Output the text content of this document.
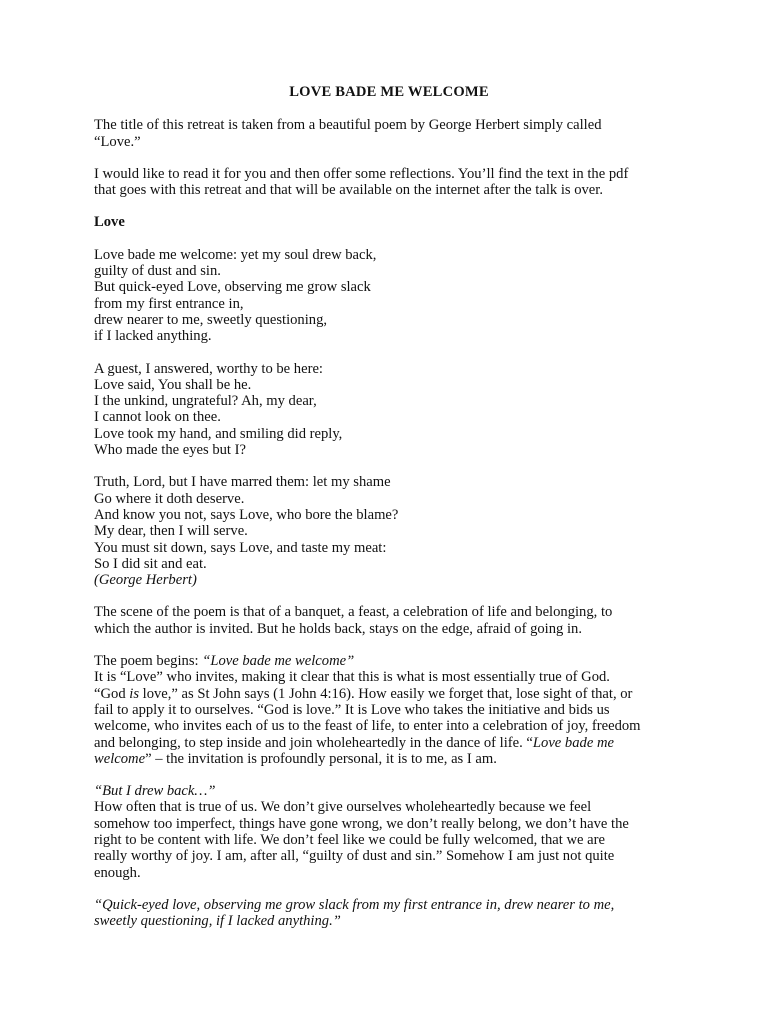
LOVE BADE ME WELCOME

The title of this retreat is taken from a beautiful poem by George Herbert simply called
“Love.”

I would like to read it for you and then offer some reflections. You’ll find the text in the pdf
that goes with this retreat and that will be available on the internet after the talk is over.

Love
Love bade me welcome: yet my soul drew back,
guilty of dust and sin.
But quick-eyed Love, observing me grow slack
from my first entrance in,
drew nearer to me, sweetly questioning,
if I lacked anything.
A guest, I answered, worthy to be here:
Love said, You shall be he.
I the unkind, ungrateful? Ah, my dear,
I cannot look on thee.
Love took my hand, and smiling did reply,
Who made the eyes but I?
Truth, Lord, but I have marred them: let my shame
Go where it doth deserve.
And know you not, says Love, who bore the blame?
My dear, then I will serve.
You must sit down, says Love, and taste my meat:
So I did sit and eat.
(George Herbert)

The scene of the poem is that of a banquet, a feast, a celebration of life and belonging, to
which the author is invited. But he holds back, stays on the edge, afraid of going in.

The poem begins: “Love bade me welcome”
It is “Love” who invites, making it clear that this is what is most essentially true of God.
“God is love,” as St John says (1 John 4:16). How easily we forget that, lose sight of that, or
fail to apply it to ourselves. “God is love.” It is Love who takes the initiative and bids us
welcome, who invites each of us to the feast of life, to enter into a celebration of joy, freedom
and belonging, to step inside and join wholeheartedly in the dance of life. “Love bade me
welcome” – the invitation is profoundly personal, it is to me, as I am.

“But I drew back…”
How often that is true of us. We don’t give ourselves wholeheartedly because we feel
somehow too imperfect, things have gone wrong, we don’t really belong, we don’t have the
right to be content with life. We don’t feel like we could be fully welcomed, that we are
really worthy of joy. I am, after all, “guilty of dust and sin.” Somehow I am just not quite
enough.

“Quick-eyed love, observing me grow slack from my first entrance in, drew nearer to me,
sweetly questioning, if I lacked anything.”
